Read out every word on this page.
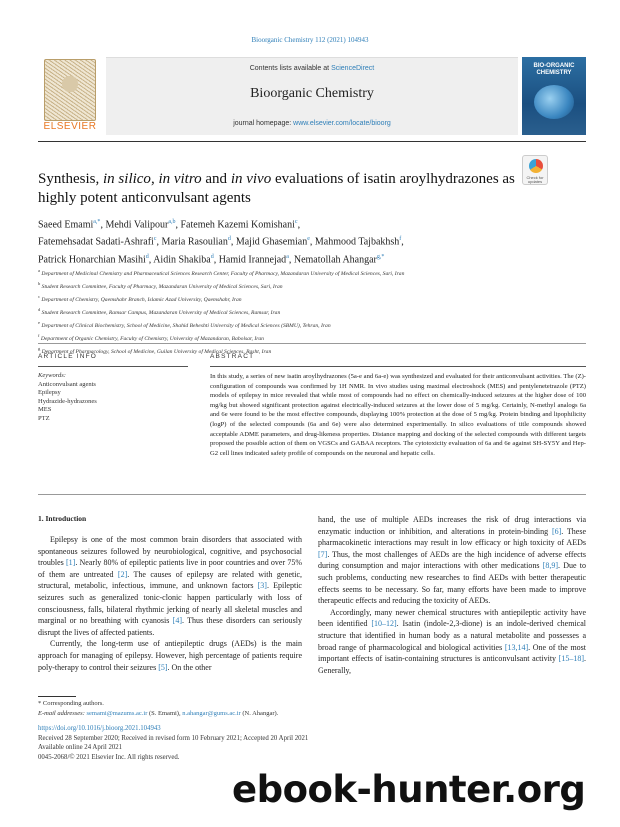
Bioorganic Chemistry 112 (2021) 104943
ELSEVIER
Contents lists available at ScienceDirect
Bioorganic Chemistry
journal homepage: www.elsevier.com/locate/bioorg
BIO-ORGANIC CHEMISTRY
Synthesis, in silico, in vitro and in vivo evaluations of isatin aroylhydrazones as highly potent anticonvulsant agents
Check for updates
Saeed Emami$^{a,*}$, Mehdi Valipour$^{a,b}$, Fatemeh Kazemi Komishani$^c$,
Fatemehsadat Sadati-Ashrafi$^c$, Maria Rasoulian$^d$, Majid Ghasemian$^e$, Mahmood Tajbakhsh$^f$,
Patrick Honarchian Masihi$^d$, Aidin Shakiba$^d$, Hamid Irannejad$^a$, Nematollah Ahangar$^{g,*}$
$^a$ Department of Medicinal Chemistry and Pharmaceutical Sciences Research Center, Faculty of Pharmacy, Mazandaran University of Medical Sciences, Sari, Iran
$^b$ Student Research Committee, Faculty of Pharmacy, Mazandaran University of Medical Sciences, Sari, Iran
$^c$ Department of Chemistry, Qaemshahr Branch, Islamic Azad University, Qaemshahr, Iran
$^d$ Student Research Committee, Ramsar Campus, Mazandaran University of Medical Sciences, Ramsar, Iran
$^e$ Department of Clinical Biochemistry, School of Medicine, Shahid Beheshti University of Medical Sciences (SBMU), Tehran, Iran
$^f$ Department of Organic Chemistry, Faculty of Chemistry, University of Mazandaran, Babolsar, Iran
$^g$ Department of Pharmacology, School of Medicine, Guilan University of Medical Sciences, Rasht, Iran
ARTICLE INFO	ABSTRACT
Keywords:
Anticonvulsant agents
Epilepsy
Hydrazide-hydrazones
MES
PTZ
In this study, a series of new isatin aroylhydrazones (5a-e and 6a-e) was synthesized and evaluated for their anticonvulsant activities. The (Z)-configuration of compounds was confirmed by 1H NMR. In vivo studies using maximal electroshock (MES) and pentylenetetrazole (PTZ) models of epilepsy in mice revealed that while most of compounds had no effect on chemically-induced seizures at the higher dose of 100 mg/kg but showed significant protection against electrically-induced seizures at the lower dose of 5 mg/kg. Certainly, N-methyl analogs 6a and 6e were found to be the most effective compounds, displaying 100% protection at the dose of 5 mg/kg. Protein binding and lipophilicity (logP) of the selected compounds (6a and 6e) were also determined experimentally. In silico evaluations of title compounds showed acceptable ADME parameters, and drug-likeness properties. Distance mapping and docking of the selected compounds with different targets proposed the possible action of them on VGSCs and GABAA receptors. The cytotoxicity evaluation of 6a and 6e against SH-SY5Y and Hep-G2 cell lines indicated safety profile of compounds on the neuronal and hepatic cells.
1. Introduction

Epilepsy is one of the most common brain disorders that associated with spontaneous seizures followed by neurobiological, cognitive, and psychosocial troubles [1]. Nearly 80% of epileptic patients live in poor countries and over 75% of them are untreated [2]. The causes of epilepsy are related with genetic, structural, metabolic, infectious, immune, and unknown factors [3]. Epileptic seizures such as generalized tonic-clonic happen particularly with loss of consciousness, falls, bilateral rhythmic jerking of nearly all skeletal muscles and marginal or no breathing with cyanosis [4]. Thus these disorders can seriously disrupt the lives of affected patients.

Currently, the long-term use of antiepileptic drugs (AEDs) is the main approach for managing of epilepsy. However, high percentage of patients require poly-therapy to control their seizures [5]. On the other

hand, the use of multiple AEDs increases the risk of drug interactions via enzymatic induction or inhibition, and alterations in protein-binding [6]. These pharmacokinetic interactions may result in low efficacy or high toxicity of AEDs [7]. Thus, the most challenges of AEDs are the high incidence of adverse effects during consumption and major interactions with other medications [8,9]. Due to such problems, conducting new researches to find AEDs with better therapeutic effects seems to be necessary. So far, many efforts have been made to improve therapeutic effects and reducing the toxicity of AEDs.

Accordingly, many newer chemical structures with antiepileptic activity have been identified [10–12]. Isatin (indole-2,3-dione) is an indole-derived chemical structure that identified in human body as a natural metabolite and possesses a broad range of pharmacological and biological activities [13,14]. One of the most important effects of isatin-containing structures is anticonvulsant activity [15–18]. Generally,

* Corresponding authors.
E-mail addresses: semami@mazums.ac.ir (S. Emami), n.ahangar@gums.ac.ir (N. Ahangar).
https://doi.org/10.1016/j.bioorg.2021.104943
Received 28 September 2020; Received in revised form 10 February 2021; Accepted 20 April 2021
Available online 24 April 2021
0045-2068/© 2021 Elsevier Inc. All rights reserved.
ebook-hunter.org
